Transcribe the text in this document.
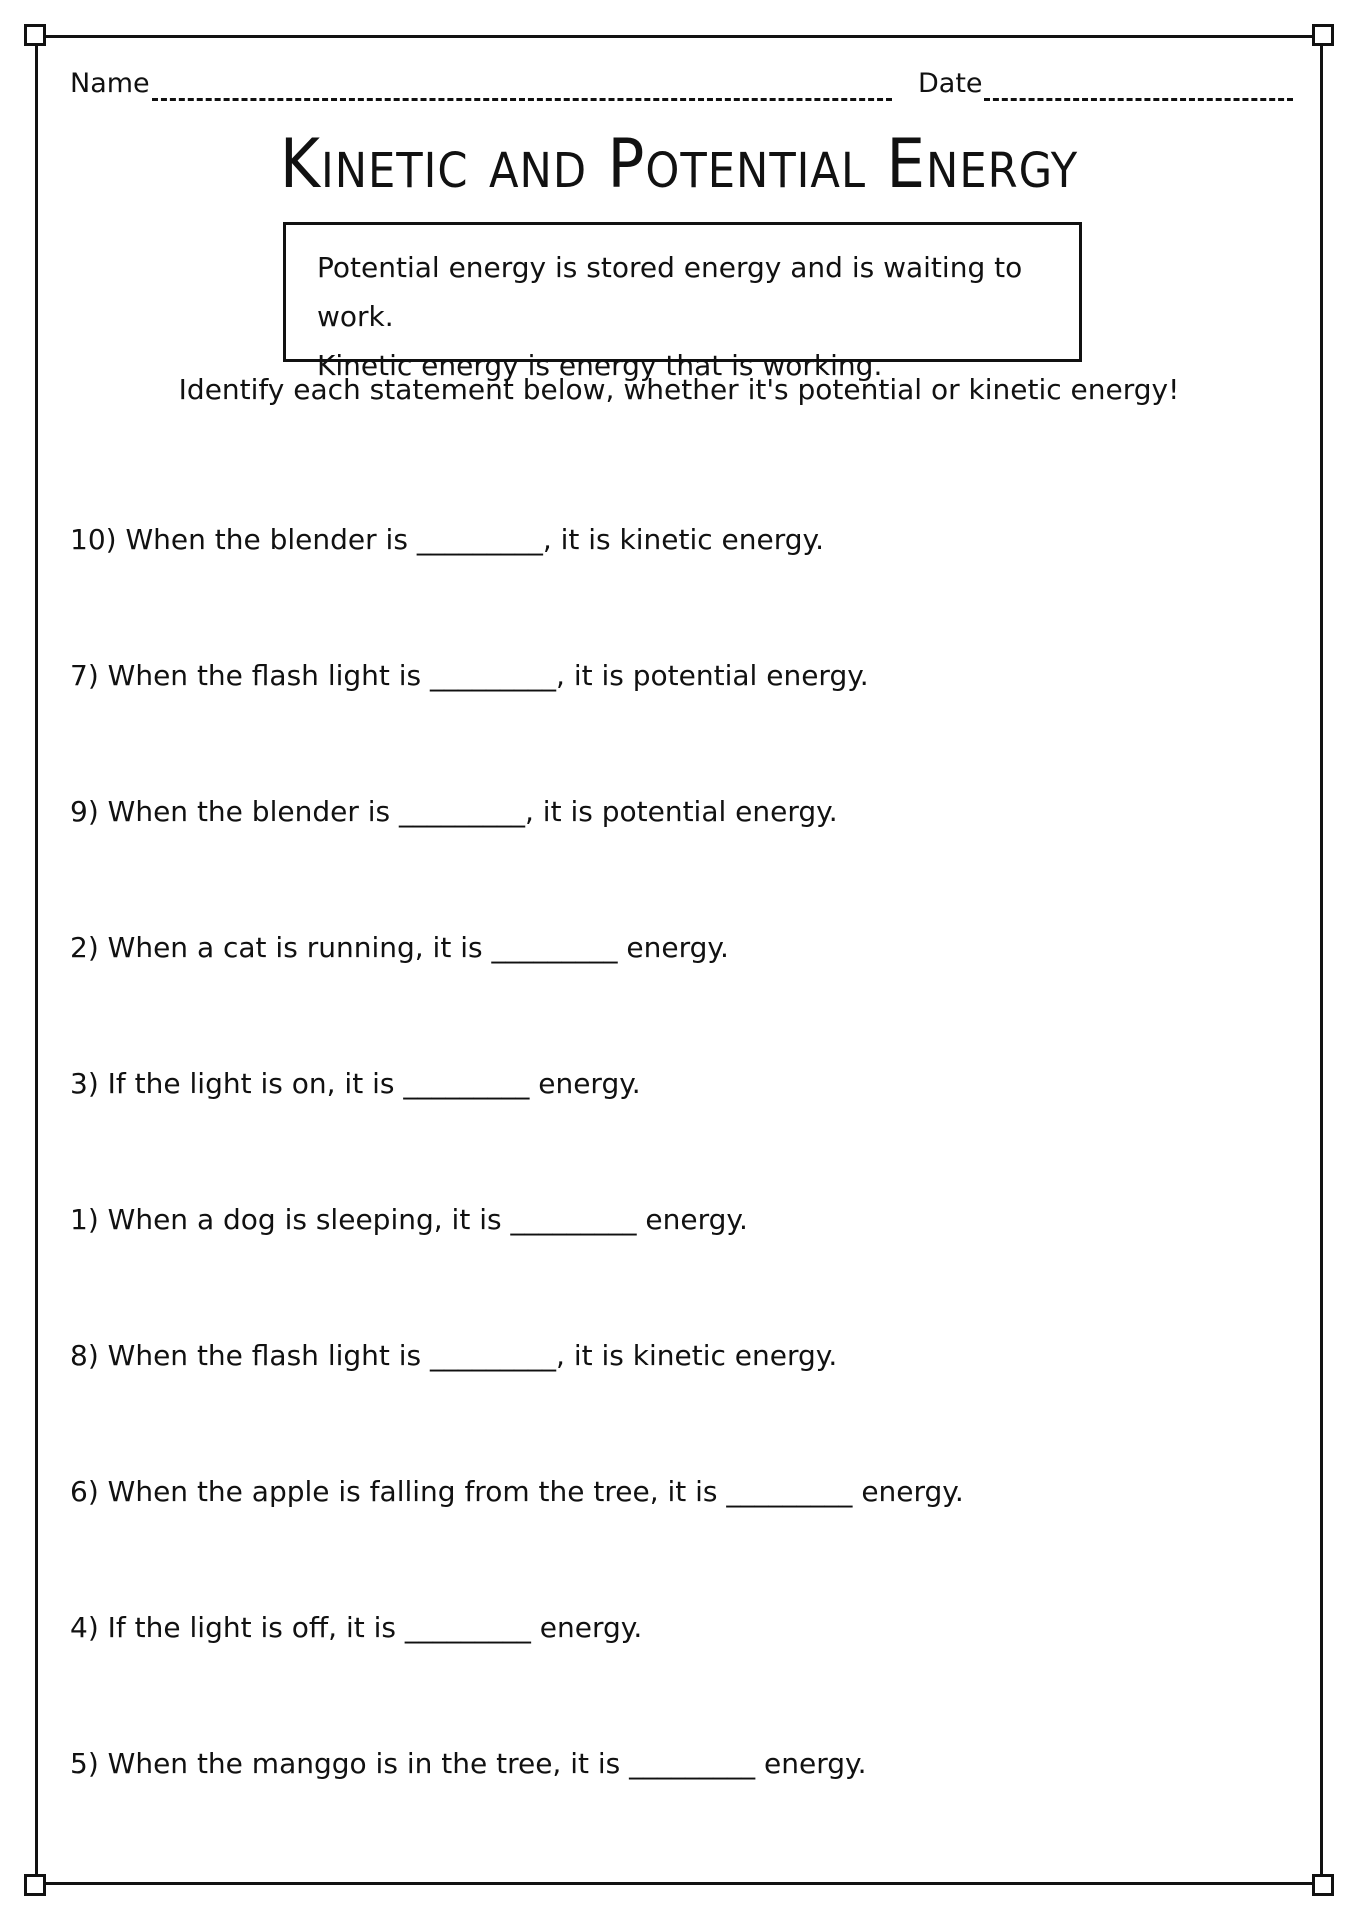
Name	Date
Kinetic and Potential Energy
Potential energy is stored energy and is waiting to work.
Kinetic energy is energy that is working.
Identify each statement below, whether it's potential or kinetic energy!
10) When the blender is _________, it is kinetic energy.
7) When the flash light is _________, it is potential energy.
9) When the blender is _________, it is potential energy.
2) When a cat is running, it is _________ energy.
3) If the light is on, it is _________ energy.
1) When a dog is sleeping, it is _________ energy.
8) When the flash light is _________, it is kinetic energy.
6) When the apple is falling from the tree, it is _________ energy.
4) If the light is off, it is _________ energy.
5) When the manggo is in the tree, it is _________ energy.
